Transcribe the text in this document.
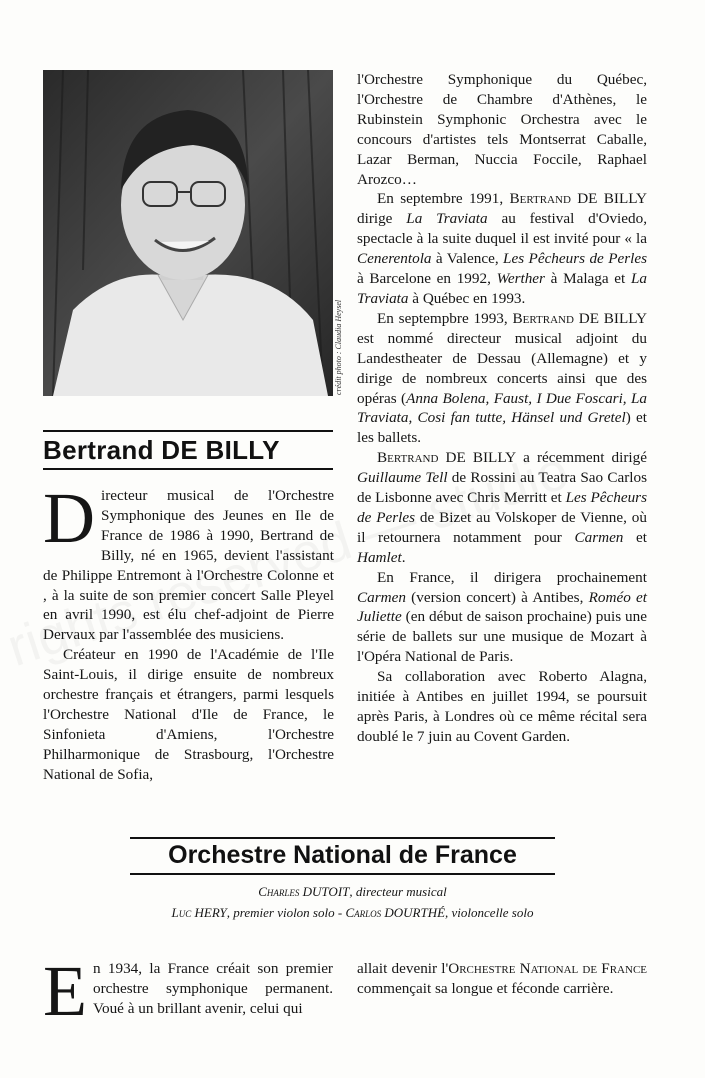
crédit photo : Claudia Heysel
Bertrand DE BILLY

Directeur musical de l'Orchestre Symphonique des Jeunes en Ile de France de 1986 à 1990, Bertrand de Billy, né en 1965, devient l'assistant de Philippe Entremont à l'Orchestre Colonne et , à la suite de son premier concert Salle Pleyel en avril 1990, est élu chef-adjoint de Pierre Dervaux par l'assemblée des musiciens.

Créateur en 1990 de l'Académie de l'Ile Saint-Louis, il dirige ensuite de nombreux orchestre français et étrangers, parmi lesquels l'Orchestre National d'Ile de France, le Sinfonieta d'Amiens, l'Orchestre Philharmonique de Strasbourg, l'Orchestre National de Sofia,

l'Orchestre Symphonique du Québec, l'Orchestre de Chambre d'Athènes, le Rubinstein Symphonic Orchestra avec le concours d'artistes tels Montserrat Caballe, Lazar Berman, Nuccia Foccile, Raphael Arozco…

En septembre 1991, Bertrand DE BILLY dirige La Traviata au festival d'Oviedo, spectacle à la suite duquel il est invité pour « la Cenerentola à Valence, Les Pêcheurs de Perles à Barcelone en 1992, Werther à Malaga et La Traviata à Québec en 1993.

En septempbre 1993, Bertrand DE BILLY est nommé directeur musical adjoint du Landestheater de Dessau (Allemagne) et y dirige de nombreux concerts ainsi que des opéras (Anna Bolena, Faust, I Due Foscari, La Traviata, Cosi fan tutte, Hänsel und Gretel) et les ballets.

Bertrand DE BILLY a récemment dirigé Guillaume Tell de Rossini au Teatra Sao Carlos de Lisbonne avec Chris Merritt et Les Pêcheurs de Perles de Bizet au Volskoper de Vienne, où il retournera notamment pour Carmen et Hamlet.

En France, il dirigera prochainement Carmen (version concert) à Antibes, Roméo et Juliette (en début de saison prochaine) puis une série de ballets sur une musique de Mozart à l'Opéra National de Paris.

Sa collaboration avec Roberto Alagna, initiée à Antibes en juillet 1994, se poursuit après Paris, à Londres où ce même récital sera doublé le 7 juin au Covent Garden.

Orchestre National de France
Charles DUTOIT, directeur musical
Luc HERY, premier violon solo - Carlos DOURTHÉ, violoncelle solo

En 1934, la France créait son premier orchestre symphonique permanent. Voué à un brillant avenir, celui qui

allait devenir l'Orchestre National de France commençait sa longue et féconde carrière.
